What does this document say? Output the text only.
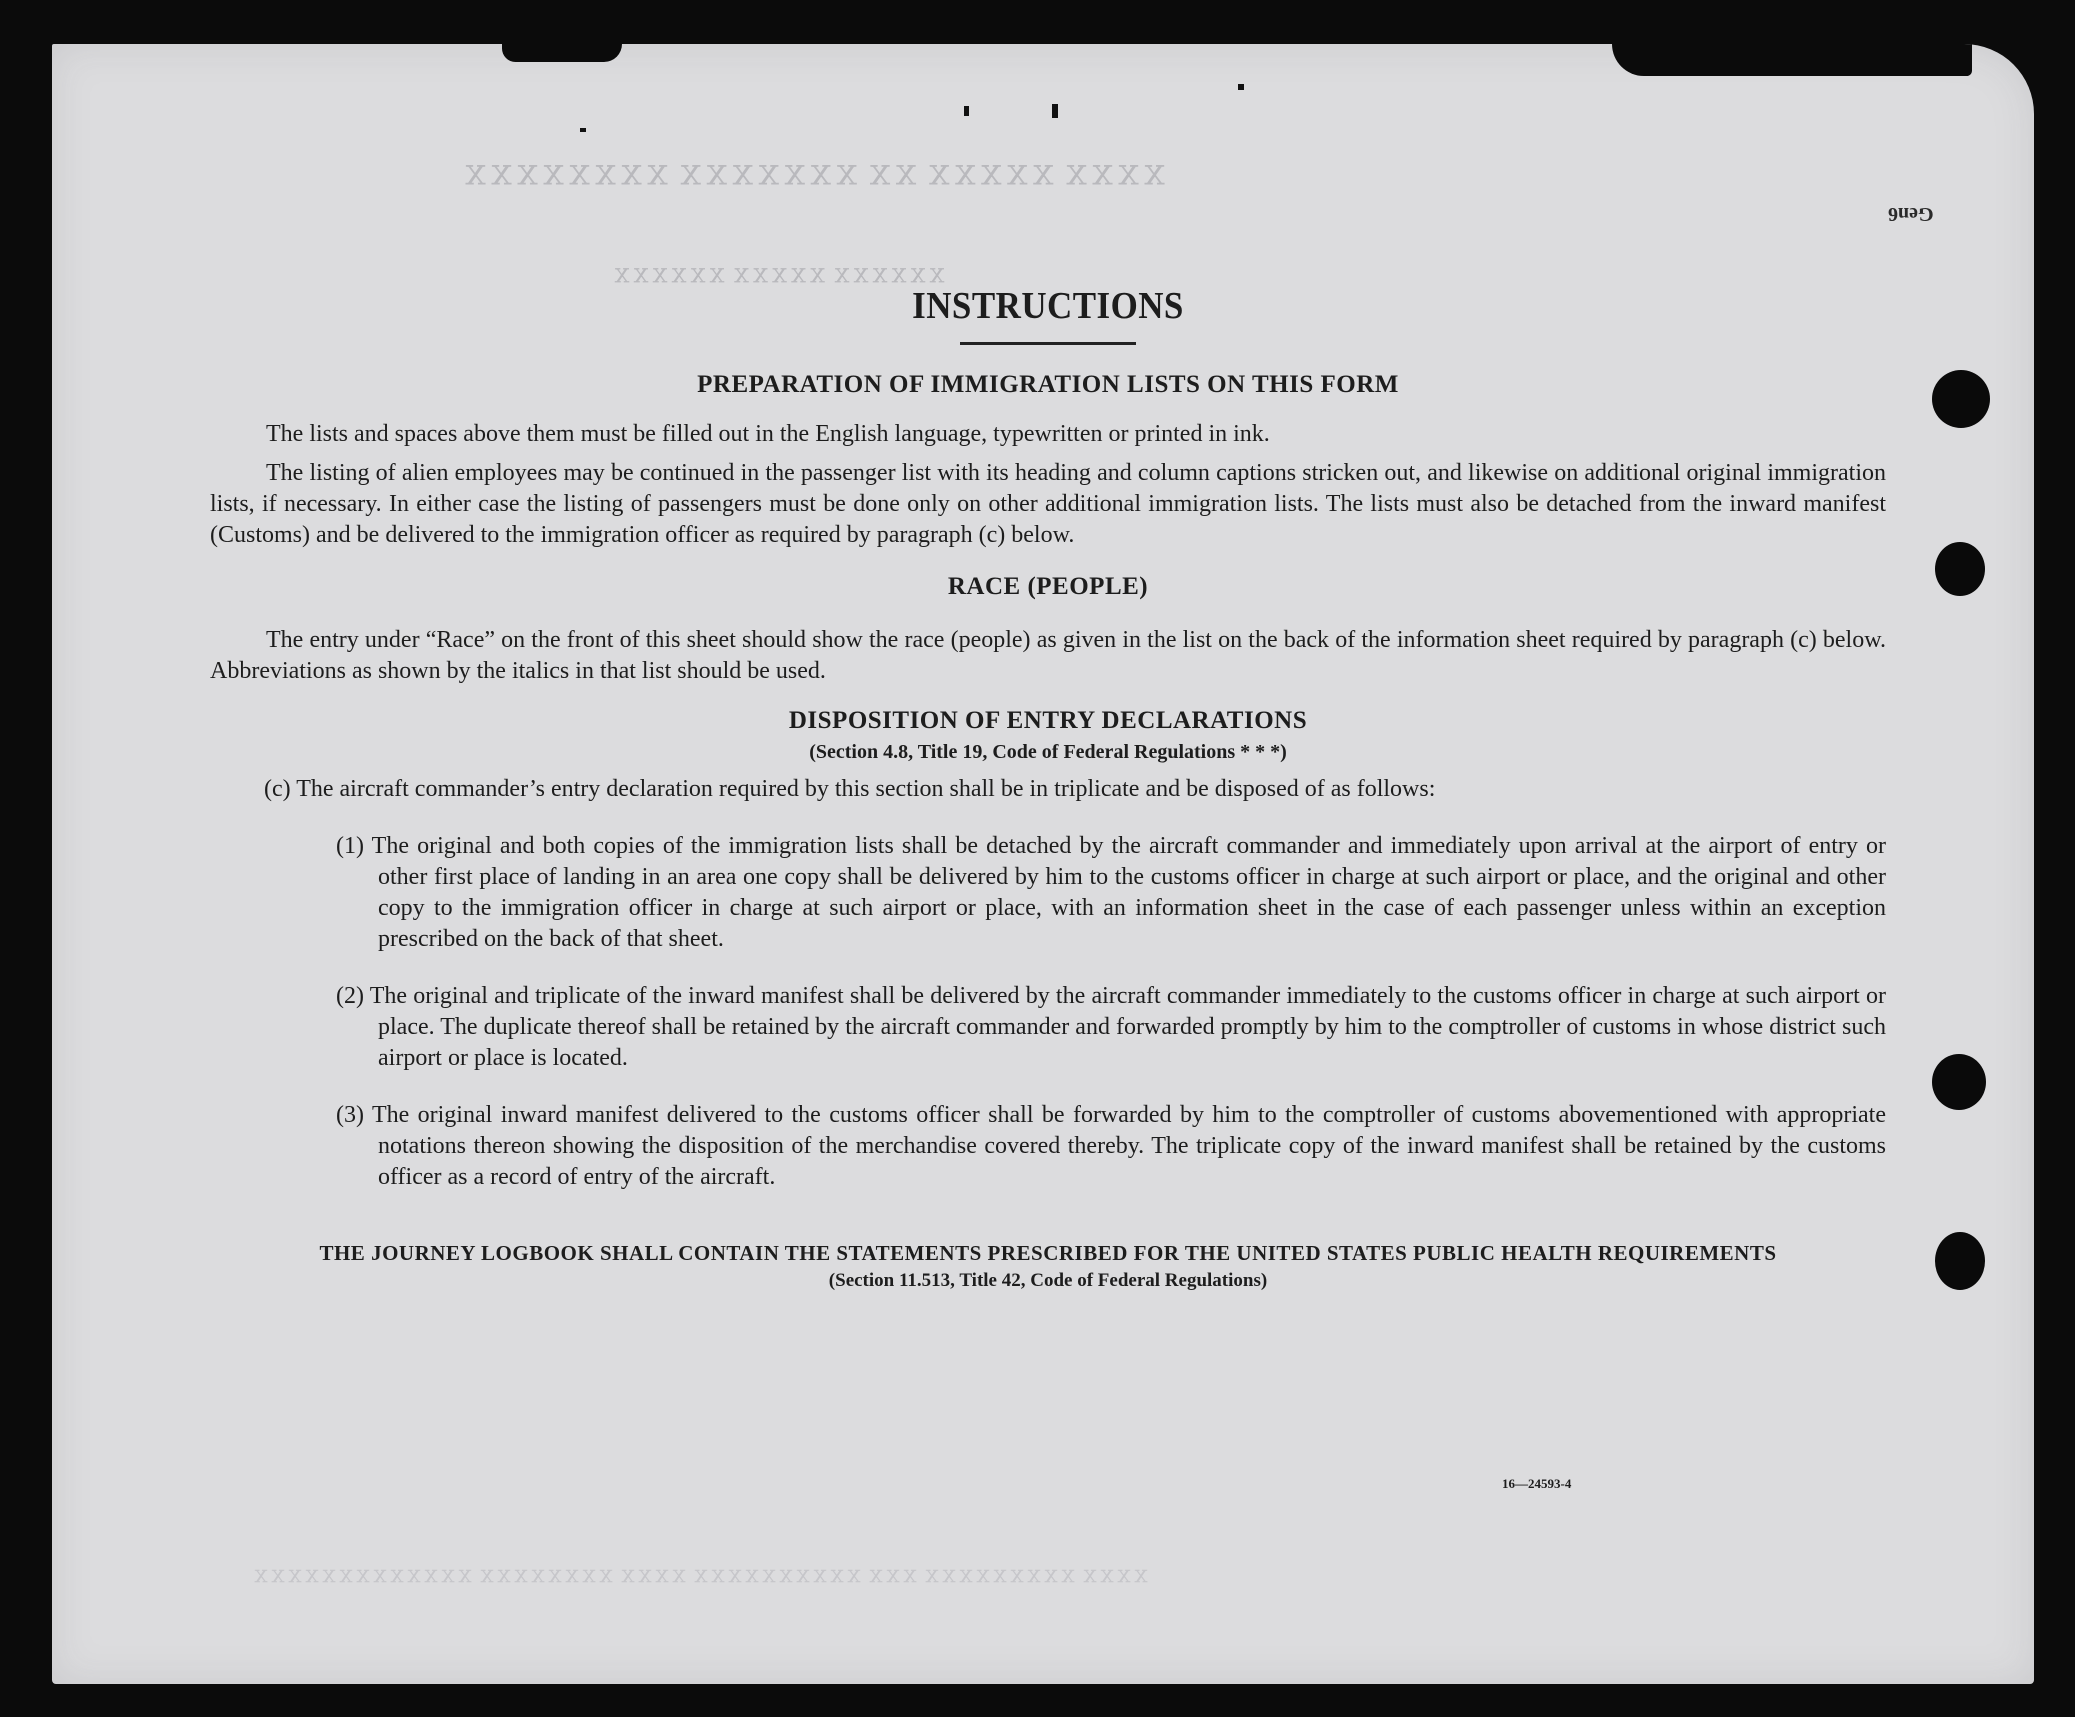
ＸＸＸＸ ＸＸＸＸＸ ＸＸ ＸＸＸＸＸＸＸ ＸＸＸＸＸＸＸＸ
ＸＸＸＸＸＸ ＸＸＸＸＸ ＸＸＸＸＸＸ
ＸＸＸＸ ＸＸＸＸＸＸＸＸＸ ＸＸＸ ＸＸＸＸＸＸＸＸＸＸ ＸＸＸＸ ＸＸＸＸＸＸＸＸ ＸＸＸＸＸＸＸＸＸＸＸＸＸ
Gen6
INSTRUCTIONS
PREPARATION OF IMMIGRATION LISTS ON THIS FORM

The lists and spaces above them must be filled out in the English language, typewritten or printed in ink.

The listing of alien employees may be continued in the passenger list with its heading and column captions stricken out, and likewise on additional original immigration lists, if necessary. In either case the listing of passengers must be done only on other additional immigration lists. The lists must also be detached from the inward manifest (Customs) and be delivered to the immigration officer as required by paragraph (c) below.

RACE (PEOPLE)

The entry under “Race” on the front of this sheet should show the race (people) as given in the list on the back of the information sheet required by paragraph (c) below. Abbreviations as shown by the italics in that list should be used.

DISPOSITION OF ENTRY DECLARATIONS
(Section 4.8, Title 19, Code of Federal Regulations * * *)
(c) The aircraft commander’s entry declaration required by this section shall be in triplicate and be disposed of as follows:

(1) The original and both copies of the immigration lists shall be detached by the aircraft commander and immediately upon arrival at the airport of entry or other first place of landing in an area one copy shall be delivered by him to the customs officer in charge at such airport or place, and the original and other copy to the immigration officer in charge at such airport or place, with an information sheet in the case of each passenger unless within an exception prescribed on the back of that sheet.

(2) The original and triplicate of the inward manifest shall be delivered by the aircraft commander immediately to the customs officer in charge at such airport or place. The duplicate thereof shall be retained by the aircraft commander and forwarded promptly by him to the comptroller of customs in whose district such airport or place is located.

(3) The original inward manifest delivered to the customs officer shall be forwarded by him to the comptroller of customs abovementioned with appropriate notations thereon showing the disposition of the merchandise covered thereby. The triplicate copy of the inward manifest shall be retained by the customs officer as a record of entry of the aircraft.

THE JOURNEY LOGBOOK SHALL CONTAIN THE STATEMENTS PRESCRIBED FOR THE UNITED STATES PUBLIC HEALTH REQUIREMENTS
(Section 11.513, Title 42, Code of Federal Regulations)
16—24593-4
